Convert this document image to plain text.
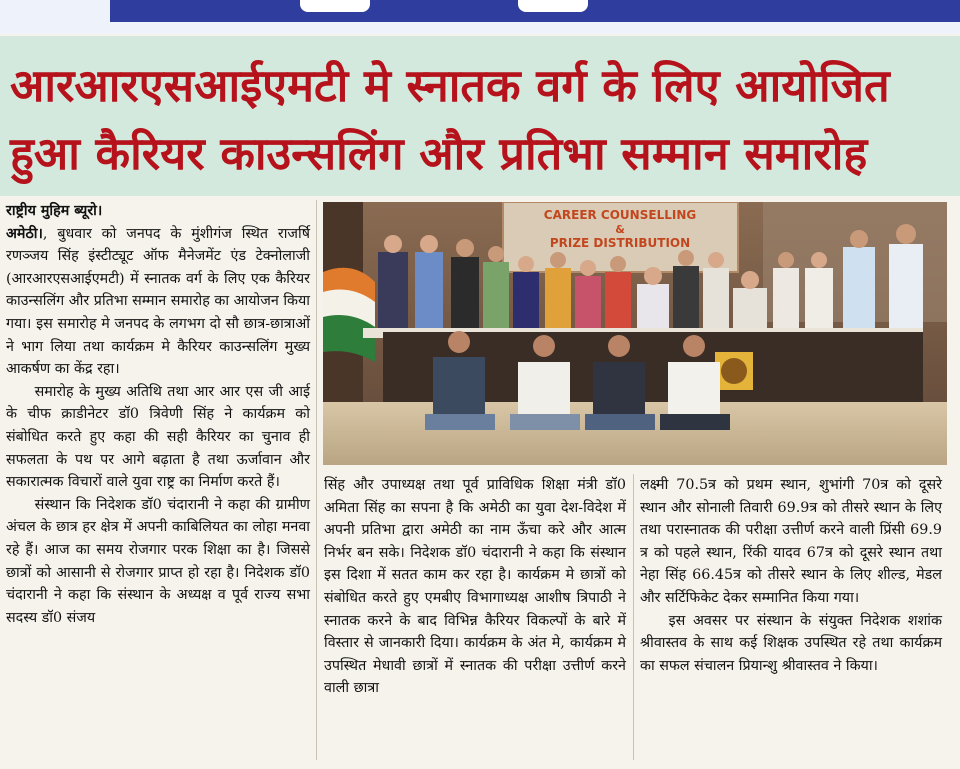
आरआरएसआईएमटी मे स्नातक वर्ग के लिए आयोजित
हुआ कैरियर काउन्सलिंग और प्रतिभा सम्मान समारोह

राष्ट्रीय मुहिम ब्यूरो।

अमेठी।, बुधवार को जनपद के मुंशीगंज स्थित राजर्षि रणञ्जय सिंह इंस्टीट्यूट ऑफ मैनेजमेंट एंड टेक्नोलाजी (आरआरएसआईएमटी) में स्नातक वर्ग के लिए एक कैरियर काउन्सलिंग और प्रतिभा सम्मान समारोह का आयोजन किया गया। इस समारोह मे जनपद के लगभग दो सौ छात्र-छात्राओं ने भाग लिया तथा कार्यक्रम मे कैरियर काउन्सलिंग मुख्य आकर्षण का केंद्र रहा।

समारोह के मुख्य अतिथि तथा आर आर एस जी आई के चीफ क्राडीनेटर डॉ0 त्रिवेणी सिंह ने कार्यक्रम को संबोधित करते हुए कहा की सही कैरियर का चुनाव ही सफलता के पथ पर आगे बढ़ाता है तथा ऊर्जावान और सकारात्मक विचारों वाले युवा राष्ट्र का निर्माण करते हैं।

संस्थान कि निदेशक डॉ0 चंदारानी ने कहा की ग्रामीण अंचल के छात्र हर क्षेत्र में अपनी काबिलियत का लोहा मनवा रहे हैं। आज का समय रोजगार परक शिक्षा का है। जिससे छात्रों को आसानी से रोजगार प्राप्त हो रहा है। निदेशक डॉ0 चंदारानी ने कहा कि संस्थान के अध्यक्ष व पूर्व राज्य सभा सदस्य डॉ0 संजय

CAREER COUNSELLING
&
PRIZE DISTRIBUTION

सिंह और उपाध्यक्ष तथा पूर्व प्राविधिक शिक्षा मंत्री डॉ0 अमिता सिंह का सपना है कि अमेठी का युवा देश-विदेश में अपनी प्रतिभा द्वारा अमेठी का नाम ऊँचा करे और आत्म निर्भर बन सके। निदेशक डॉ0 चंदारानी ने कहा कि संस्थान इस दिशा में सतत काम कर रहा है। कार्यक्रम मे छात्रों को संबोधित करते हुए एमबीए विभागाध्यक्ष आशीष त्रिपाठी ने स्नातक करने के बाद विभिन्न कैरियर विकल्पों के बारे में विस्तार से जानकारी दिया। कार्यक्रम के अंत मे, कार्यक्रम मे उपस्थित मेधावी छात्रों में स्नातक की परीक्षा उत्तीर्ण करने वाली छात्रा

लक्ष्मी 70.5त्र को प्रथम स्थान, शुभांगी 70त्र को दूसरे स्थान और सोनाली तिवारी 69.9त्र को तीसरे स्थान के लिए तथा परास्नातक की परीक्षा उत्तीर्ण करने वाली प्रिंसी 69.9 त्र को पहले स्थान, रिंकी यादव 67त्र को दूसरे स्थान तथा नेहा सिंह 66.45त्र को तीसरे स्थान के लिए शील्ड, मेडल और सर्टिफिकेट देकर सम्मानित किया गया।

इस अवसर पर संस्थान के संयुक्त निदेशक शशांक श्रीवास्तव के साथ कई शिक्षक उपस्थित रहे तथा कार्यक्रम का सफल संचालन प्रियान्शु श्रीवास्तव ने किया।
